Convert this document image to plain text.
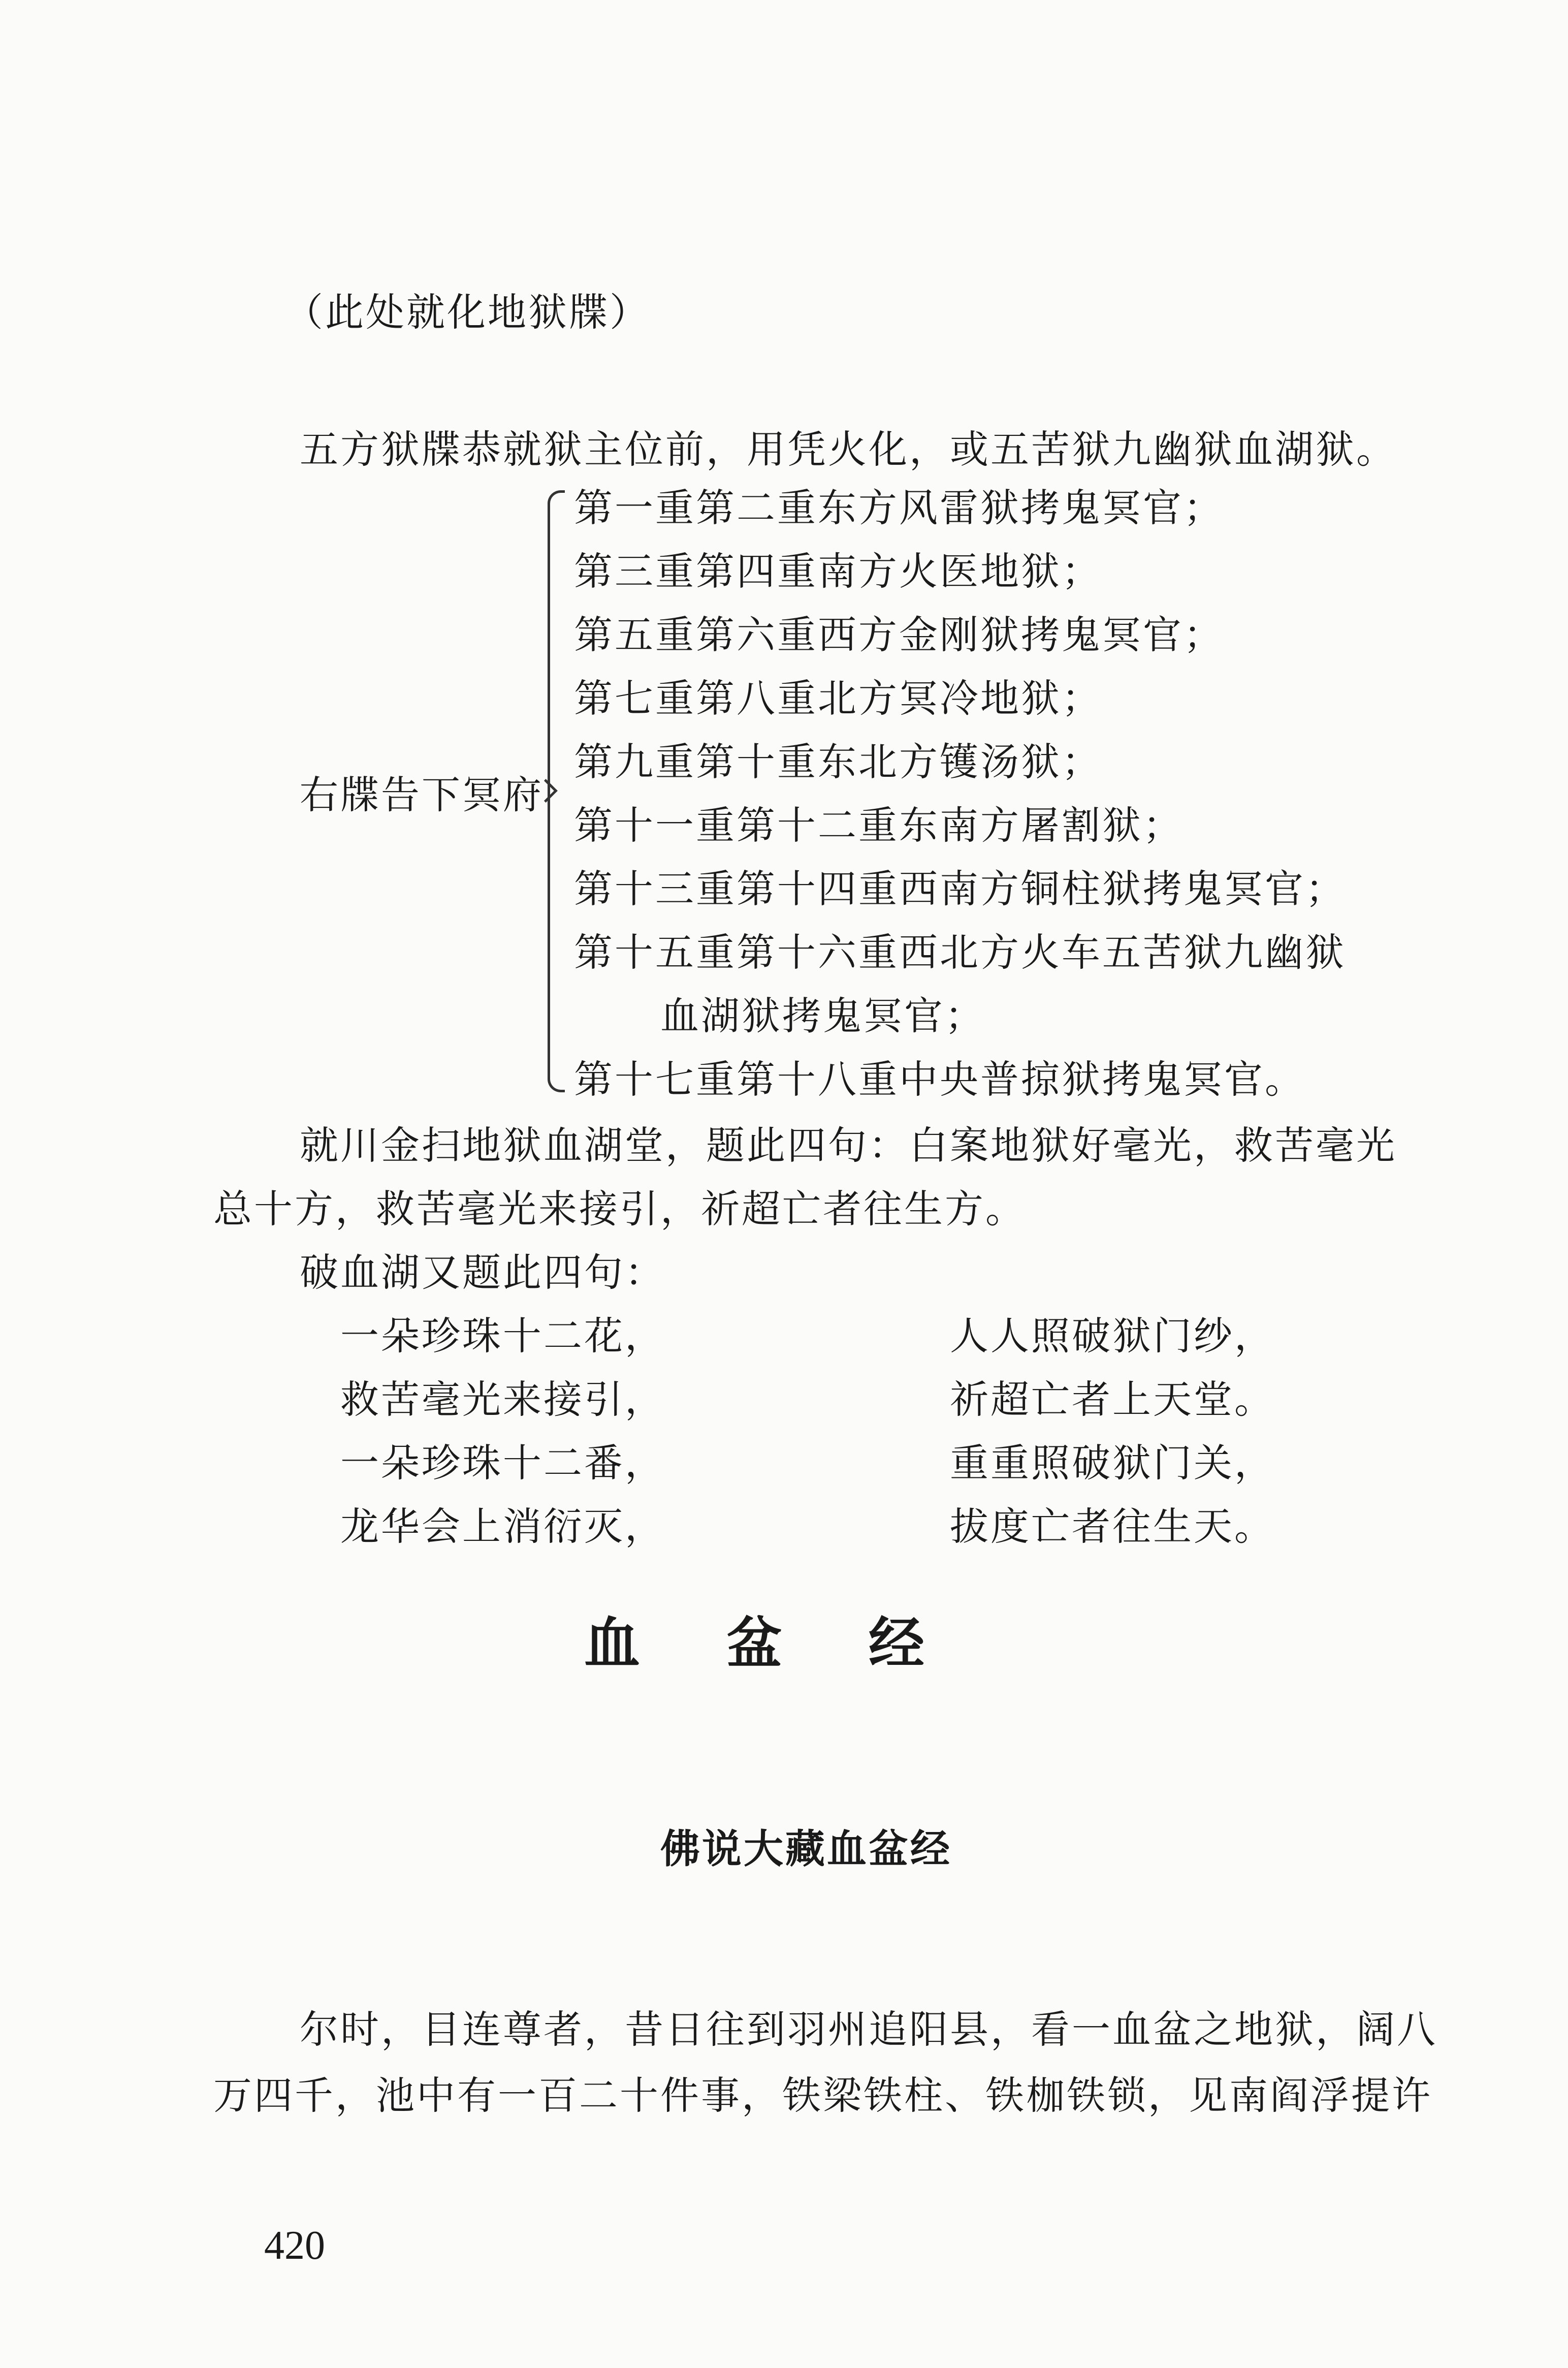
（此处就化地狱牒）
五方狱牒恭就狱主位前，用凭火化，或五苦狱九幽狱血湖狱。
右牒告下冥府
第一重第二重东方风雷狱拷鬼冥官；
第三重第四重南方火医地狱；
第五重第六重西方金刚狱拷鬼冥官；
第七重第八重北方冥冷地狱；
第九重第十重东北方镬汤狱；
第十一重第十二重东南方屠割狱；
第十三重第十四重西南方铜柱狱拷鬼冥官；
第十五重第十六重西北方火车五苦狱九幽狱
血湖狱拷鬼冥官；
第十七重第十八重中央普掠狱拷鬼冥官。
就川金扫地狱血湖堂，题此四句：白案地狱好毫光，救苦毫光
总十方，救苦毫光来接引，祈超亡者往生方。
破血湖又题此四句：
一朵珍珠十二花，	人人照破狱门纱，
救苦毫光来接引，	祈超亡者上天堂。
一朵珍珠十二番，	重重照破狱门关，
龙华会上消衍灭，	拔度亡者往生天。
血盆经
佛说大藏血盆经
尔时，目连尊者，昔日往到羽州追阳县，看一血盆之地狱，阔八
万四千，池中有一百二十件事，铁梁铁柱、铁枷铁锁，见南阎浮提许
420
